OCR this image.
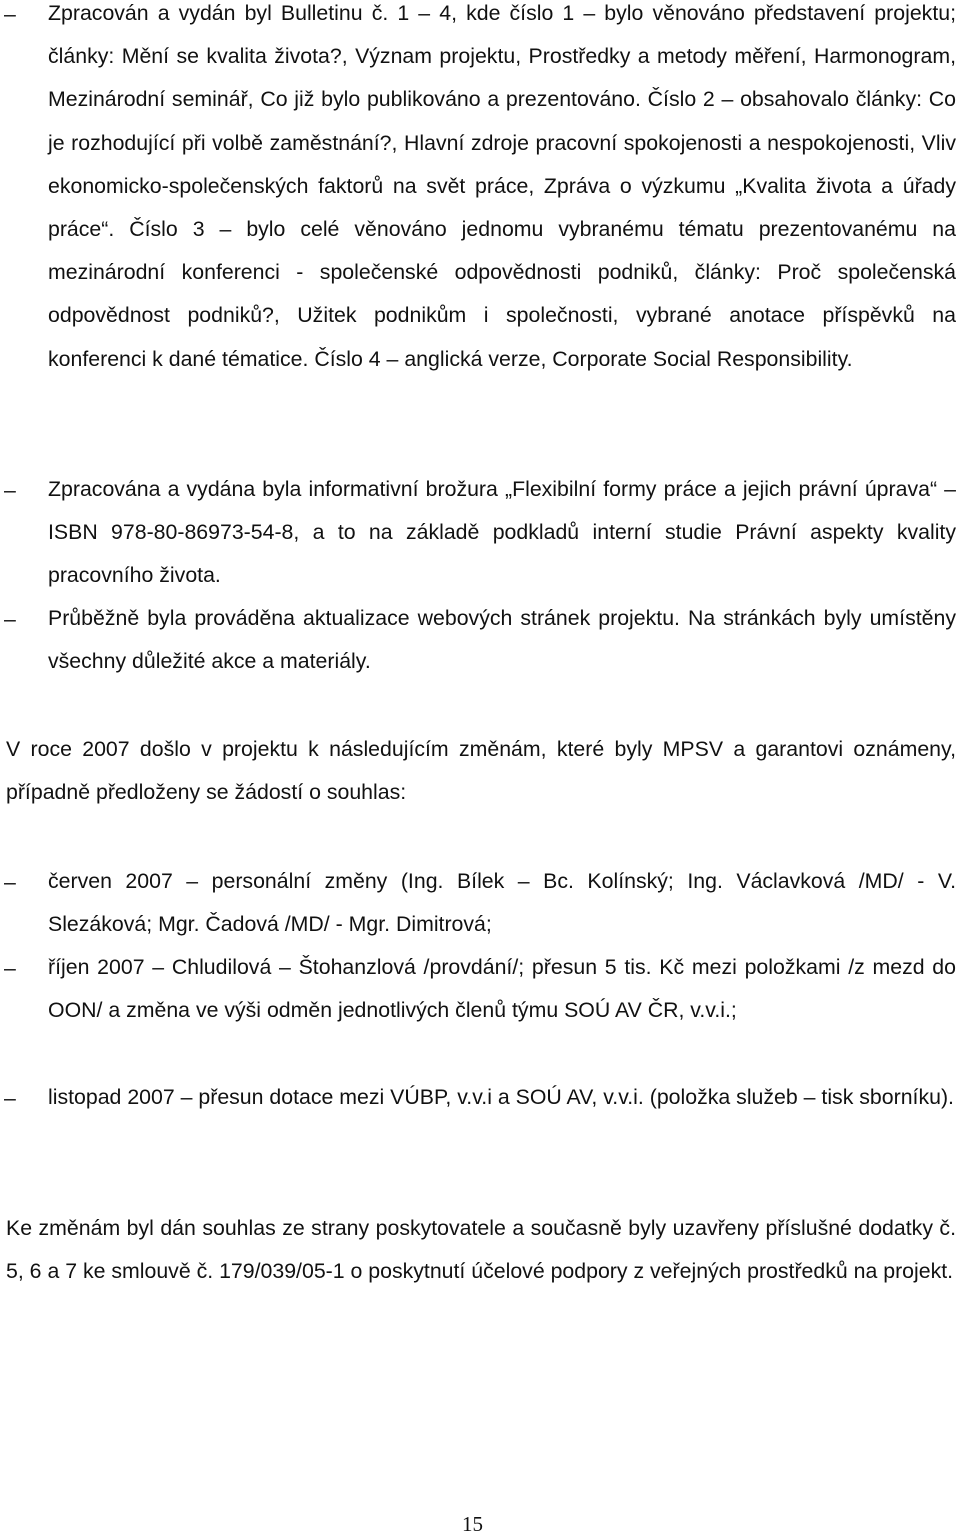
–	Zpracován a vydán byl Bulletinu č. 1 – 4, kde číslo 1 – bylo věnováno představení projektu; články: Mění se kvalita života?, Význam projektu, Prostředky a metody měření, Harmonogram, Mezinárodní seminář, Co již bylo publikováno a prezentováno. Číslo 2 – obsahovalo články: Co je rozhodující při volbě zaměstnání?, Hlavní zdroje pracovní spokojenosti a nespokojenosti, Vliv ekonomicko-společenských faktorů na svět práce, Zpráva o výzkumu „Kvalita života a úřady práce“. Číslo 3 – bylo celé věnováno jednomu vybranému tématu prezentovanému na mezinárodní konferenci - společenské odpovědnosti podniků, články: Proč společenská odpovědnost podniků?, Užitek podnikům i společnosti, vybrané anotace příspěvků na konferenci k dané tématice. Číslo 4 – anglická verze, Corporate Social Responsibility.
–	Zpracována a vydána byla informativní brožura „Flexibilní formy práce a jejich právní úprava“ – ISBN 978-80-86973-54-8, a to na základě podkladů interní studie Právní aspekty kvality pracovního života.
–	Průběžně byla prováděna aktualizace webových stránek projektu. Na stránkách byly umístěny všechny důležité akce a materiály.
V roce 2007 došlo v projektu k následujícím změnám, které byly MPSV a garantovi oznámeny, případně předloženy se žádostí o souhlas:
–	červen 2007 – personální změny (Ing. Bílek – Bc. Kolínský; Ing. Václavková /MD/ - V. Slezáková; Mgr. Čadová /MD/ - Mgr. Dimitrová;
–	říjen 2007 – Chludilová – Štohanzlová /provdání/; přesun 5 tis. Kč mezi položkami /z mezd do OON/ a změna ve výši odměn jednotlivých členů týmu SOÚ AV ČR, v.v.i.;
–	listopad 2007 – přesun dotace mezi VÚBP, v.v.i a SOÚ AV, v.v.i. (položka služeb – tisk sborníku).
Ke změnám byl dán souhlas ze strany poskytovatele a současně byly uzavřeny příslušné dodatky č. 5, 6 a 7 ke smlouvě č. 179/039/05-1 o poskytnutí účelové podpory z veřejných prostředků na projekt.
15
